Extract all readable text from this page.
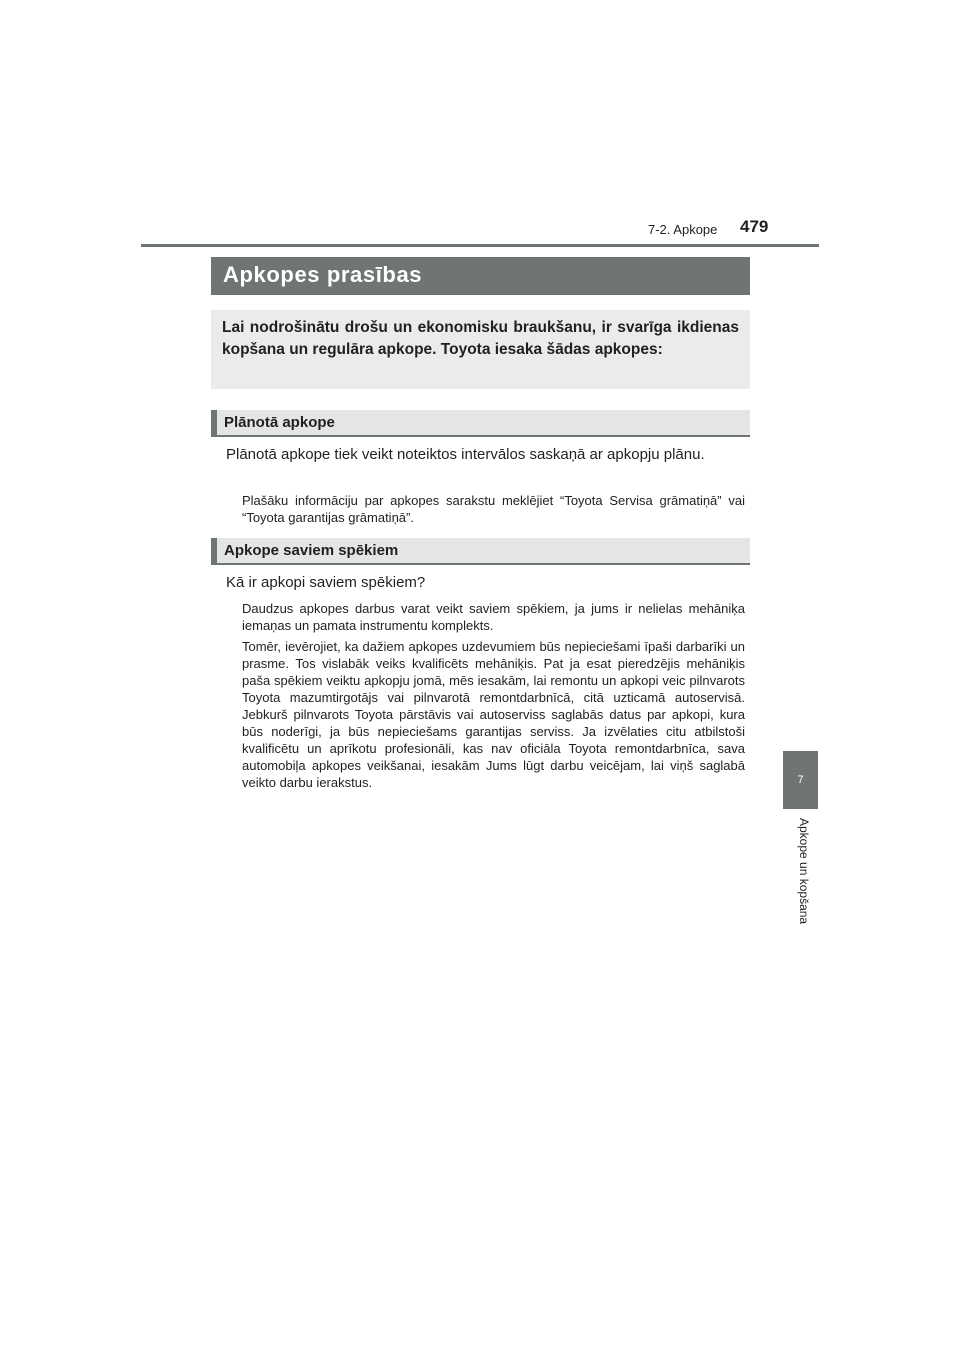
7-2. Apkope 479
7
Apkope un kopšana
Apkopes prasības

Lai nodrošinātu drošu un ekonomisku braukšanu, ir svarīga ikdienas kopšana un regulāra apkope. Toyota iesaka šādas apkopes:

Plānotā apkope

Plānotā apkope tiek veikt noteiktos intervālos saskaņā ar apkopju plānu.

Plašāku informāciju par apkopes sarakstu meklējiet “Toyota Servisa grāmatiņā” vai “Toyota garantijas grāmatiņā”.

Apkope saviem spēkiem

Kā ir apkopi saviem spēkiem?

Daudzus apkopes darbus varat veikt saviem spēkiem, ja jums ir nelielas mehāniķa iemaņas un pamata instrumentu komplekts.

Tomēr, ievērojiet, ka dažiem apkopes uzdevumiem būs nepieciešami īpaši darbarīki un prasme. Tos vislabāk veiks kvalificēts mehāniķis. Pat ja esat pieredzējis mehāniķis paša spēkiem veiktu apkopju jomā, mēs iesakām, lai remontu un apkopi veic pilnvarots Toyota mazumtirgotājs vai pilnvarotā remontdarbnīcā, citā uzticamā autoservisā. Jebkurš pilnvarots Toyota pārstāvis vai autoserviss saglabās datus par apkopi, kura būs noderīgi, ja būs nepieciešams garantijas serviss. Ja izvēlaties citu atbilstoši kvalificētu un aprīkotu profesionāli, kas nav oficiāla Toyota remontdarbnīca, sava automobiļa apkopes veikšanai, iesakām Jums lūgt darbu veicējam, lai viņš saglabā veikto darbu ierakstus.
